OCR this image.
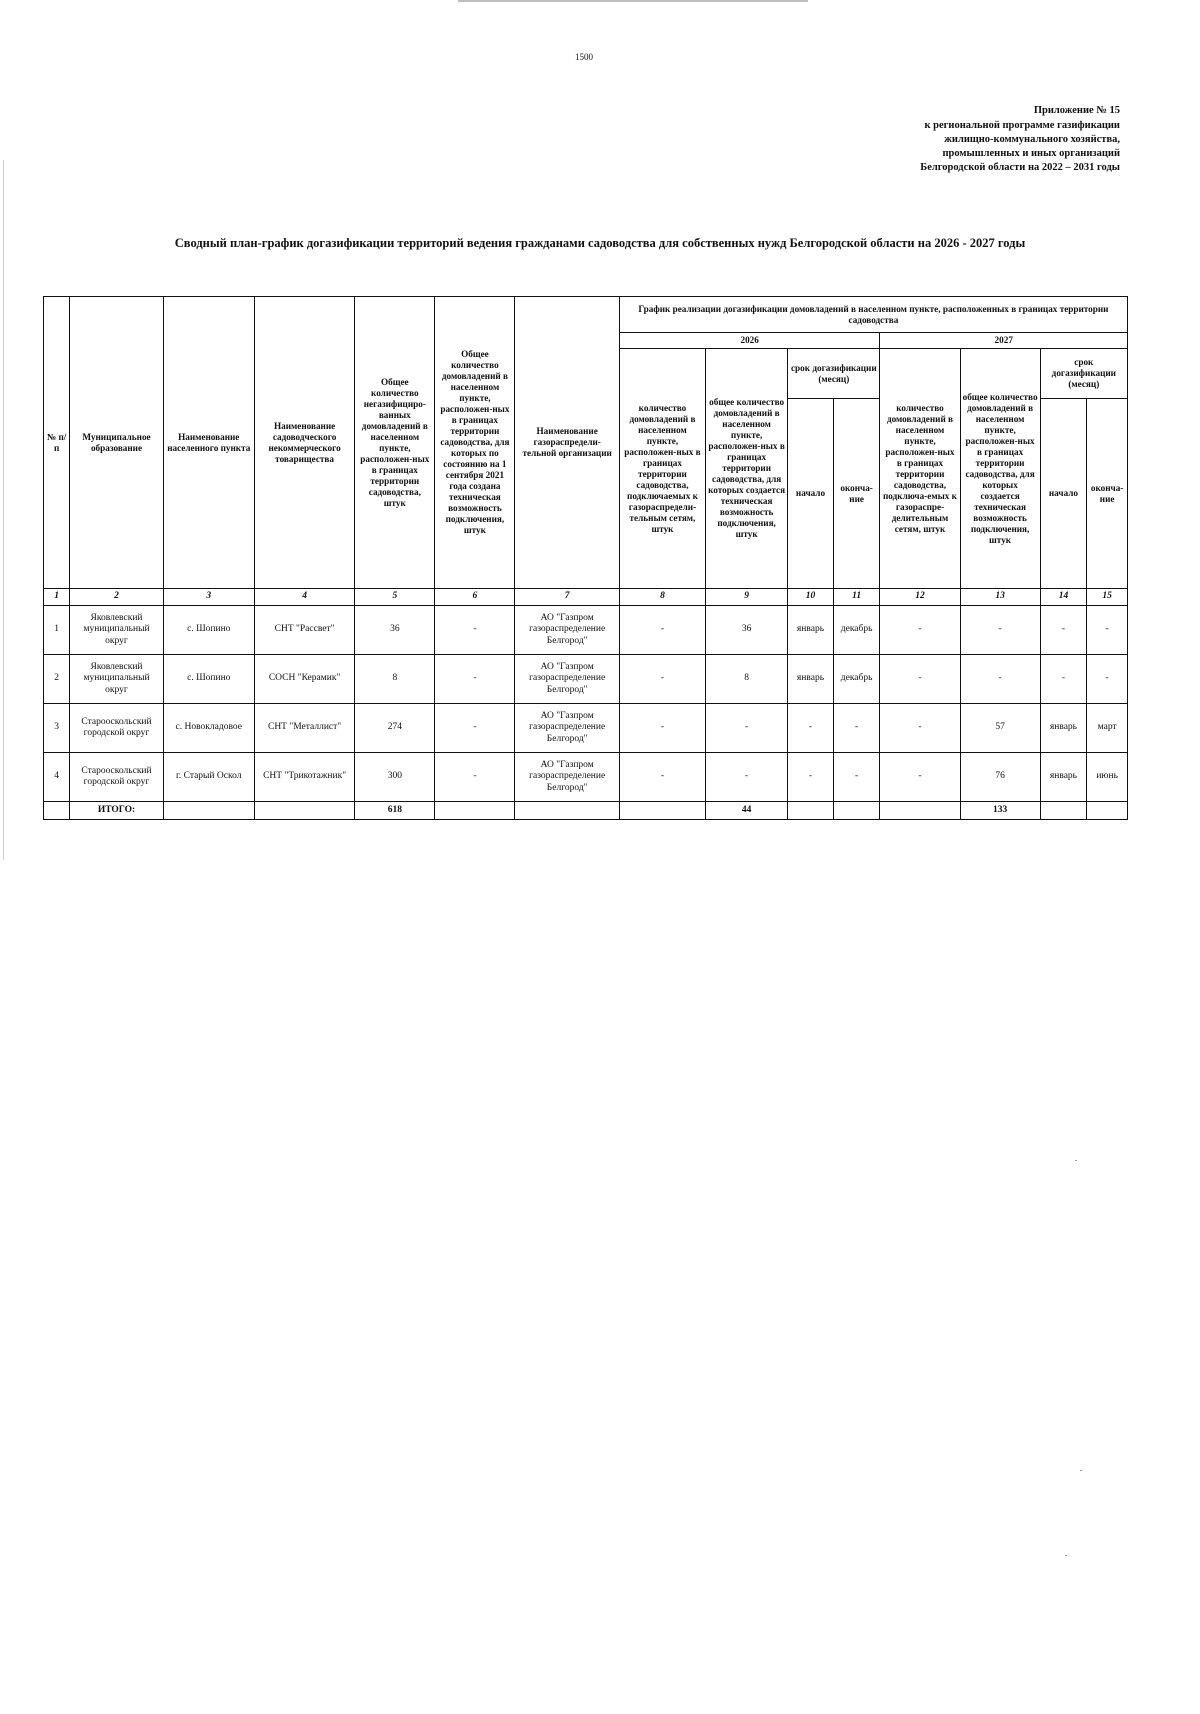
1500
Приложение № 15
к региональной программе газификации
жилищно-коммунального хозяйства,
промышленных и иных организаций
Белгородской области на 2022 – 2031 годы
Сводный план-график догазификации территорий ведения гражданами садоводства для собственных нужд Белгородской области на 2026 - 2027 годы
№ п/п	Муниципальное образование	Наименование населенного пункта	Наименование садоводческого некоммерческого товарищества	Общее количество негазифициро-ванных домовладений в населенном пункте, расположен-ных в границах территории садоводства, штук	Общее количество домовладений в населенном пункте, расположен-ных в границах территории садоводства, для которых по состоянию на 1 сентября 2021 года создана техническая возможность подключения, штук	Наименование газораспредели-тельной организации	График реализации догазификации домовладений в населенном пункте, расположенных в границах территории садоводства							
							2026				2027			
							количество домовладений в населенном пункте, расположен-ных в границах территории садоводства, подключаемых к газораспредели-тельным сетям, штук	общее количество домовладений в населенном пункте, расположен-ных в границах территории садоводства, для которых создается техническая возможность подключения, штук	срок догазификации (месяц)		количество домовладений в населенном пункте, расположен-ных в границах территории садоводства, подключа-емых к газораспре-делительным сетям, штук	общее количество домовладений в населенном пункте, расположен-ных в границах территории садоводства, для которых создается техническая возможность подключения, штук	срок догазификации (месяц)	
									начало	оконча-ние			начало	оконча-ние
1	2	3	4	5	6	7	8	9	10	11	12	13	14	15
1	Яковлевский муниципальный округ	с. Шопино	СНТ "Рассвет"	36	-	АО "Газпром газораспределение Белгород"	-	36	январь	декабрь	-	-	-	-
2	Яковлевский муниципальный округ	с. Шопино	СОСН "Керамик"	8	-	АО "Газпром газораспределение Белгород"	-	8	январь	декабрь	-	-	-	-
3	Старооскольский городской округ	с. Новокладовое	СНТ "Металлист"	274	-	АО "Газпром газораспределение Белгород"	-	-	-	-	-	57	январь	март
4	Старооскольский городской округ	г. Старый Оскол	СНТ "Трикотажник"	300	-	АО "Газпром газораспределение Белгород"	-	-	-	-	-	76	январь	июнь
	ИТОГО:			618				44				133		
